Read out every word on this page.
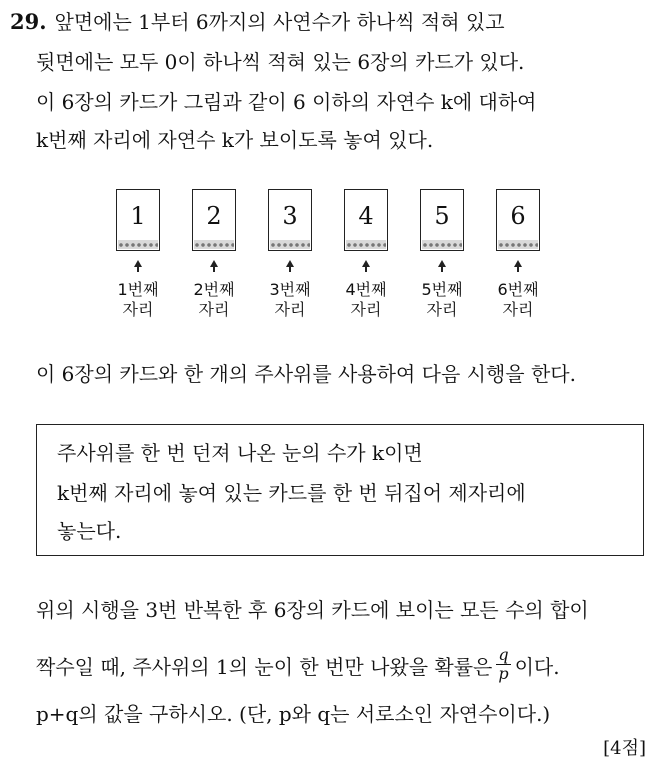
29. 앞면에는 1부터 6까지의 사연수가 하나씩 적혀 있고
뒷면에는 모두 0이 하나씩 적혀 있는 6장의 카드가 있다.
이 6장의 카드가 그림과 같이 6 이하의 자연수 k에 대하여
k번째 자리에 자연수 k가 보이도록 놓여 있다.
1	2	3	4	5	6
1번째
자리
2번째
자리
3번째
자리
4번째
자리
5번째
자리
6번째
자리
이 6장의 카드와 한 개의 주사위를 사용하여 다음 시행을 한다.
주사위를 한 번 던져 나온 눈의 수가 k이면
k번째 자리에 놓여 있는 카드를 한 번 뒤집어 제자리에
놓는다.
위의 시행을 3번 반복한 후 6장의 카드에 보이는 모든 수의 합이
짝수일 때, 주사위의 1의 눈이 한 번만 나왔을 확률은 $\frac{q}{p}$ 이다.
p+q의 값을 구하시오. (단, p와 q는 서로소인 자연수이다.)
[4점]
